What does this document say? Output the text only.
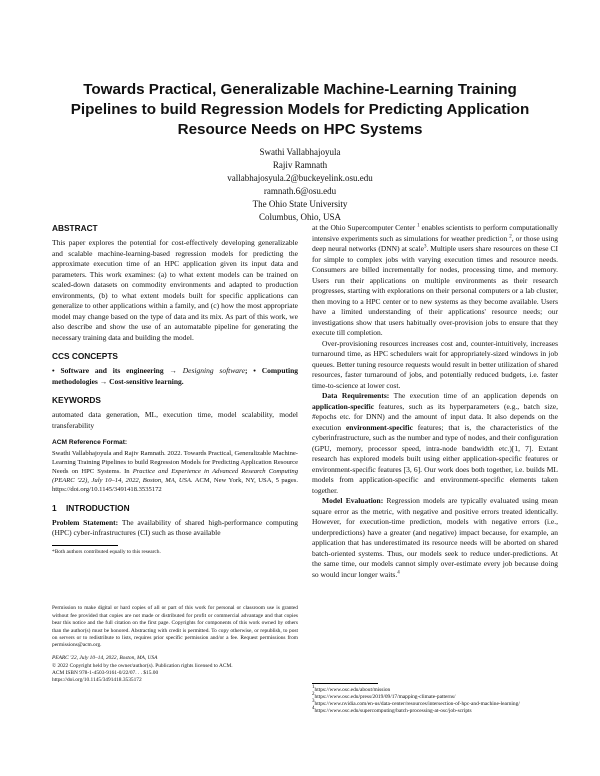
Towards Practical, Generalizable Machine-Learning Training Pipelines to build Regression Models for Predicting Application Resource Needs on HPC Systems
Swathi Vallabhajoyula
Rajiv Ramnath
vallabhajosyula.2@buckeyelink.osu.edu
ramnath.6@osu.edu
The Ohio State University
Columbus, Ohio, USA
ABSTRACT

This paper explores the potential for cost-effectively developing generalizable and scalable machine-learning-based regression models for predicting the approximate execution time of an HPC application given its input data and parameters. This work examines: (a) to what extent models can be trained on scaled-down datasets on commodity environments and adapted to production environments, (b) to what extent models built for specific applications can generalize to other applications within a family, and (c) how the most appropriate model may change based on the type of data and its mix. As part of this work, we also describe and show the use of an automatable pipeline for generating the necessary training data and building the model.

CCS CONCEPTS

• Software and its engineering → Designing software; • Computing methodologies → Cost-sensitive learning.

KEYWORDS

automated data generation, ML, execution time, model scalability, model transferability

ACM Reference Format:

Swathi Vallabhajoyula and Rajiv Ramnath. 2022. Towards Practical, Generalizable Machine-Learning Training Pipelines to build Regression Models for Predicting Application Resource Needs on HPC Systems. In Practice and Experience in Advanced Research Computing (PEARC '22), July 10–14, 2022, Boston, MA, USA. ACM, New York, NY, USA, 5 pages. https://doi.org/10.1145/3491418.3535172

1 INTRODUCTION

Problem Statement: The availability of shared high-performance computing (HPC) cyber-infrastructures (CI) such as those available

*Both authors contributed equally to this research.

Permission to make digital or hard copies of all or part of this work for personal or classroom use is granted without fee provided that copies are not made or distributed for profit or commercial advantage and that copies bear this notice and the full citation on the first page. Copyrights for components of this work owned by others than the author(s) must be honored. Abstracting with credit is permitted. To copy otherwise, or republish, to post on servers or to redistribute to lists, requires prior specific permission and/or a fee. Request permissions from permissions@acm.org.

PEARC '22, July 10–14, 2022, Boston, MA, USA
© 2022 Copyright held by the owner/author(s). Publication rights licensed to ACM.
ACM ISBN 978-1-4503-9161-0/22/07. . . $15.00
https://doi.org/10.1145/3491418.3535172

at the Ohio Supercomputer Center $^1$ enables scientists to perform computationally intensive experiments such as simulations for weather prediction $^2$, or those using deep neural networks (DNN) at scale$^3$. Multiple users share resources on these CI for simple to complex jobs with varying execution times and resource needs. Consumers are billed incrementally for nodes, processing time, and memory. Users run their applications on multiple environments as their research progresses, starting with explorations on their personal computers or a lab cluster, then moving to a HPC center or to new systems as they become available. Users have a limited understanding of their applications' resource needs; our investigations show that users habitually over-provision jobs to ensure that they execute till completion.

Over-provisioning resources increases cost and, counter-intuitively, increases turnaround time, as HPC schedulers wait for appropriately-sized windows in job queues. Better tuning resource requests would result in better utilization of shared resources, faster turnaround of jobs, and potentially reduced budgets, i.e. faster time-to-science at lower cost.

Data Requirements: The execution time of an application depends on application-specific features, such as its hyperparameters (e.g., batch size, #epochs etc. for DNN) and the amount of input data. It also depends on the execution environment-specific features; that is, the characteristics of the cyberinfrastructure, such as the number and type of nodes, and their configuration (GPU, memory, processor speed, intra-node bandwidth etc.)[1, 7]. Extant research has explored models built using either application-specific features or environment-specific features [3, 6]. Our work does both together, i.e. builds ML models from application-specific and environment-specific elements taken together.

Model Evaluation: Regression models are typically evaluated using mean square error as the metric, with negative and positive errors treated identically. However, for execution-time prediction, models with negative errors (i.e., underpredictions) have a greater (and negative) impact because, for example, an application that has underestimated its resource needs will be aborted on shared batch-oriented systems. Thus, our models seek to reduce under-predictions. At the same time, our models cannot simply over-estimate every job because doing so would incur longer waits.$^4$

$^1$https://www.osc.edu/about/mission
$^2$https://www.osc.edu/press/2019/09/17/mapping-climate-patterns/
$^3$https://www.nvidia.com/en-us/data-center/resources/intersection-of-hpc-and-machine-learning/
$^4$https://www.osc.edu/supercomputing/batch-processing-at-osc/job-scripts
